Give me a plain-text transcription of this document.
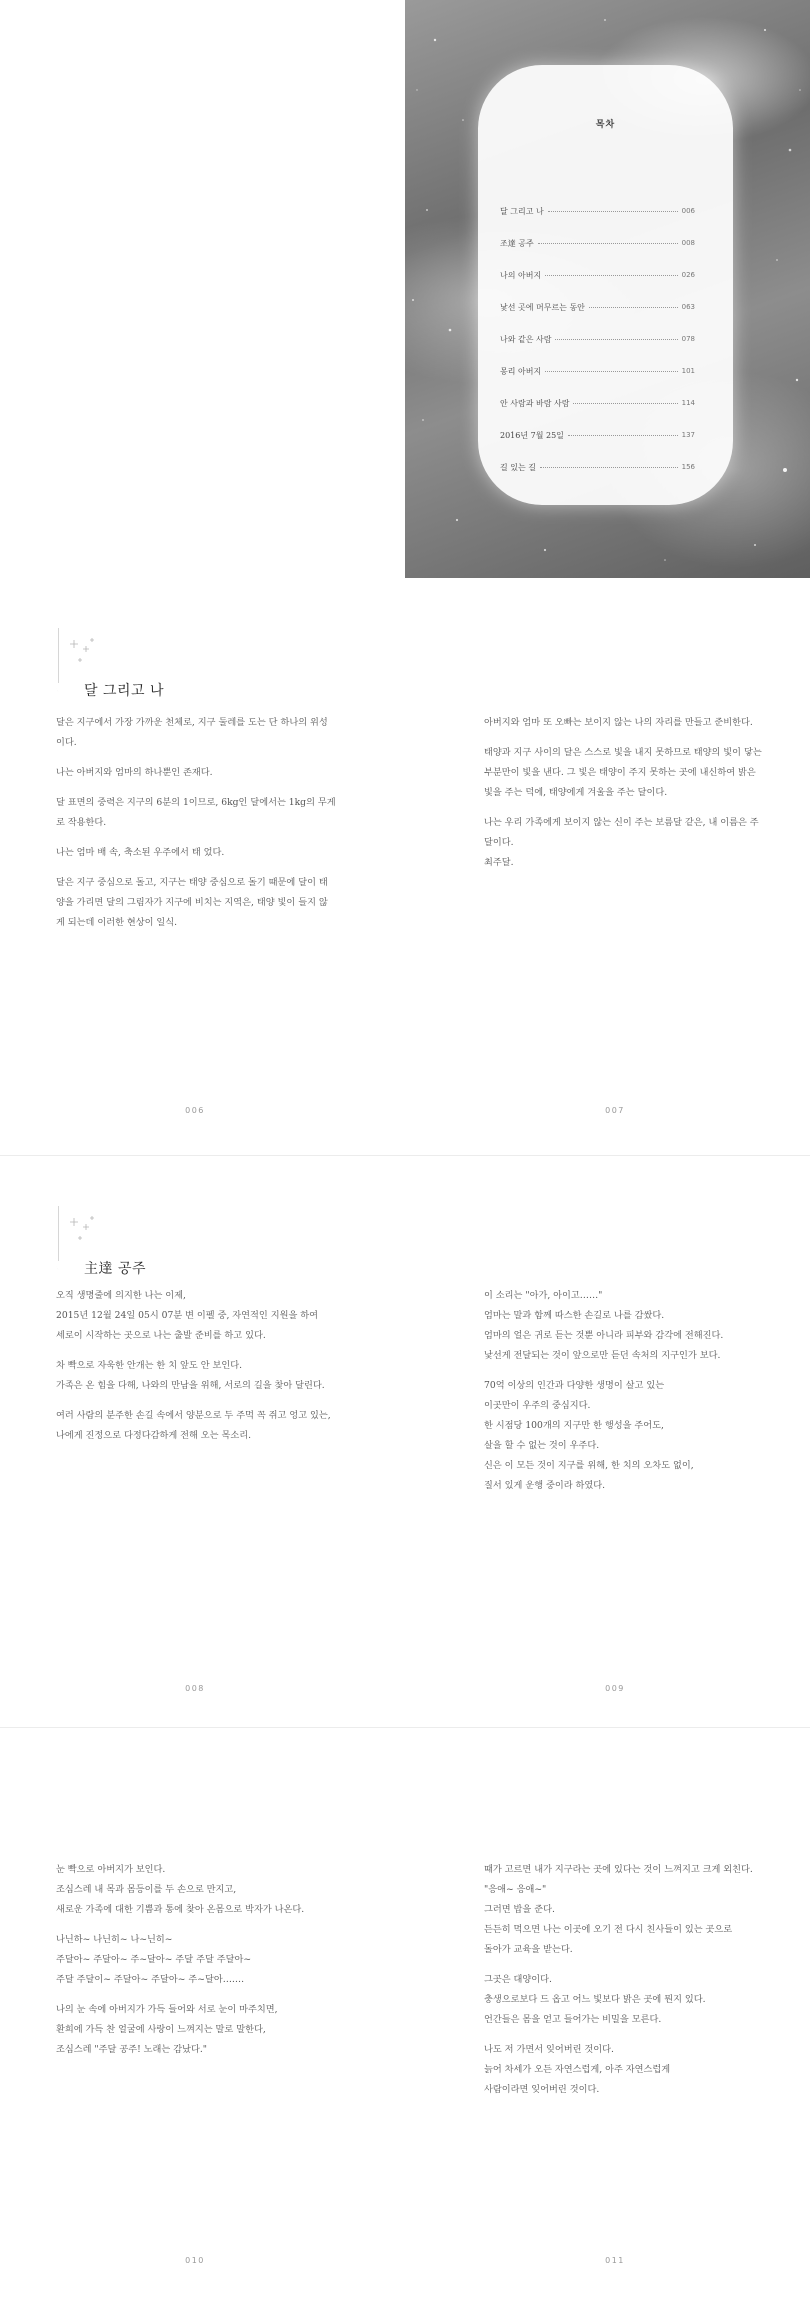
목차
달 그리고 나	006
조達 공주	008
나의 아버지	026
낯선 곳에 머무르는 동안	063
나와 같은 사람	078
몽리 아버지	101
안 사람과 바람 사람	114
2016년 7월 25일	137
길 있는 길	156
달 그리고 나

달은 지구에서 가장 가까운 천체로, 지구 둘레를 도는 단 하나의 위성
이다.

나는 아버지와 엄마의 하나뿐인 존재다.

달 표면의 중력은 지구의 6분의 1이므로, 6kg인 달에서는 1kg의 무게
로 작용한다.

나는 엄마 배 속, 축소된 우주에서 태 었다.

달은 지구 중심으로 돌고, 지구는 태양 중심으로 돌기 때문에 달이 태
양을 가리면 달의 그림자가 지구에 비치는 지역은, 태양 빛이 들지 않
게 되는데 이러한 현상이 일식.

아버지와 엄마 또 오빠는 보이지 않는 나의 자리를 만들고 준비한다.

태양과 지구 사이의 달은 스스로 빛을 내지 못하므로 태양의 빛이 닿는
부분만이 빛을 낸다. 그 빛은 태양이 주지 못하는 곳에 내신하여 밝은
빛을 주는 덕에, 태양에게 겨울을 주는 달이다.

나는 우리 가족에게 보이지 않는 신이 주는 보름달 같은, 내 이름은 주
달이다.
최주달.

006	007
主達 공주

오직 생명줄에 의지한 나는 이제,
2015년 12월 24일 05시 07분 변 이펠 중, 자연적인 지원을 하여
세로이 시작하는 곳으로 나는 출발 준비를 하고 있다.

차 빡으로 자욱한 안개는 한 치 앞도 안 보인다.
가족은 온 힘을 다해, 나와의 만남을 위해, 서로의 길을 찾아 달린다.

여러 사람의 분주한 손길 속에서 양분으로 두 주먹 꼭 쥐고 엉고 있는,
나에게 진정으로 다정다감하게 전해 오는 목소리.

이 소리는 "아가, 아이고……"
엄마는 말과 함께 따스한 손길로 나를 감쌌다.
엄마의 얼은 귀로 듣는 것뿐 아니라 피부와 감각에 전해진다.
낯선게 전달되는 것이 앞으로만 듣던 속처의 지구인가 보다.

70억 이상의 인간과 다양한 생명이 살고 있는
이곳만이 우주의 중심지다.
한 시점당 100개의 지구만 한 행성을 주어도,
살을 할 수 없는 것이 우주다.
신은 이 모든 것이 지구를 위해, 한 치의 오차도 없이,
질서 있게 운행 중이라 하였다.

008	009

눈 빡으로 아버지가 보인다.
조심스레 내 목과 몸등이를 두 손으로 만지고,
새로운 가족에 대한 기쁨과 통에 찾아 온몸으로 박자가 나온다.

나닌하~ 나닌히~ 나~닌히~
주달아~ 주달아~ 주~달아~ 주달 주달 주달아~
주달 주달이~ 주달아~ 주달아~ 주~달아…….

나의 눈 속에 아버지가 가득 들어와 서로 눈이 마주치면,
환희에 가득 찬 얼굴에 사랑이 느껴지는 말로 말한다,
조심스레 "주달 공주! 노래는 감났다."

때가 고르면 내가 지구라는 곳에 있다는 것이 느껴지고 크게 외친다.
"응애~ 응애~"
그러면 밥을 준다.
든든히 먹으면 나는 이곳에 오기 전 다시 친사들이 있는 곳으로
돌아가 교육을 받는다.

그곳은 대양이다.
충생으로보다 드 옵고 어느 빛보다 밝은 곳에 뭔지 있다.
언간들은 몸을 얻고 들어가는 비밀을 모른다.

나도 저 가면서 잊어버린 것이다.
늙어 차세가 오든 자연스럽게, 아주 자연스럽게
사람이라면 잊어버린 것이다.

010	011
